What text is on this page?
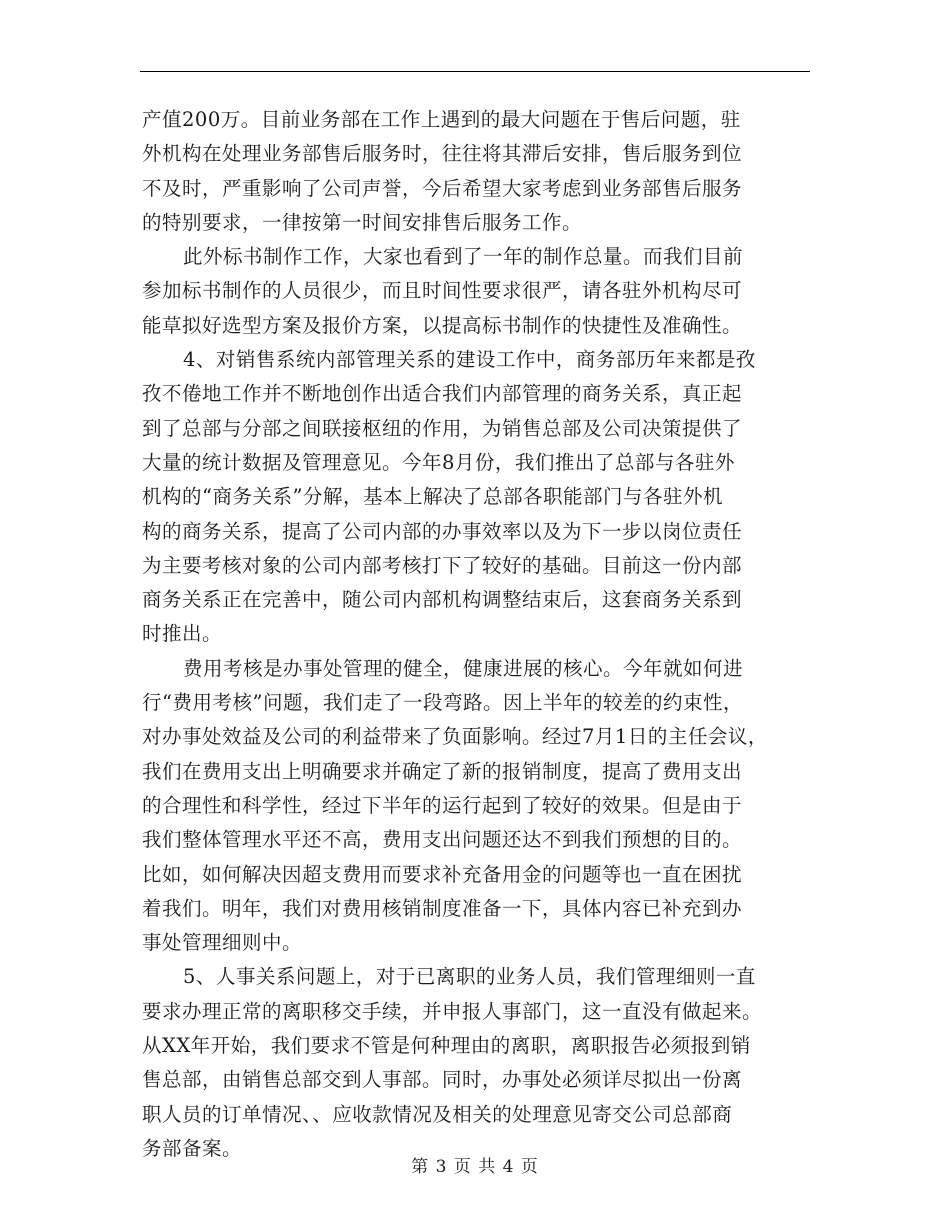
产值200万。目前业务部在工作上遇到的最大问题在于售后问题，驻
外机构在处理业务部售后服务时，往往将其滞后安排，售后服务到位
不及时，严重影响了公司声誉，今后希望大家考虑到业务部售后服务
的特别要求，一律按第一时间安排售后服务工作。
此外标书制作工作，大家也看到了一年的制作总量。而我们目前
参加标书制作的人员很少，而且时间性要求很严，请各驻外机构尽可
能草拟好选型方案及报价方案，以提高标书制作的快捷性及准确性。
4、对销售系统内部管理关系的建设工作中，商务部历年来都是孜
孜不倦地工作并不断地创作出适合我们内部管理的商务关系，真正起
到了总部与分部之间联接枢纽的作用，为销售总部及公司决策提供了
大量的统计数据及管理意见。今年8月份，我们推出了总部与各驻外
机构的“商务关系”分解，基本上解决了总部各职能部门与各驻外机
构的商务关系，提高了公司内部的办事效率以及为下一步以岗位责任
为主要考核对象的公司内部考核打下了较好的基础。目前这一份内部
商务关系正在完善中，随公司内部机构调整结束后，这套商务关系到
时推出。
费用考核是办事处管理的健全，健康进展的核心。今年就如何进
行“费用考核”问题，我们走了一段弯路。因上半年的较差的约束性，
对办事处效益及公司的利益带来了负面影响。经过7月1日的主任会议，
我们在费用支出上明确要求并确定了新的报销制度，提高了费用支出
的合理性和科学性，经过下半年的运行起到了较好的效果。但是由于
我们整体管理水平还不高，费用支出问题还达不到我们预想的目的。
比如，如何解决因超支费用而要求补充备用金的问题等也一直在困扰
着我们。明年，我们对费用核销制度准备一下，具体内容已补充到办
事处管理细则中。
5、人事关系问题上，对于已离职的业务人员，我们管理细则一直
要求办理正常的离职移交手续，并申报人事部门，这一直没有做起来。
从XX年开始，我们要求不管是何种理由的离职，离职报告必须报到销
售总部，由销售总部交到人事部。同时，办事处必须详尽拟出一份离
职人员的订单情况、、应收款情况及相关的处理意见寄交公司总部商
务部备案。
第 3 页 共 4 页
